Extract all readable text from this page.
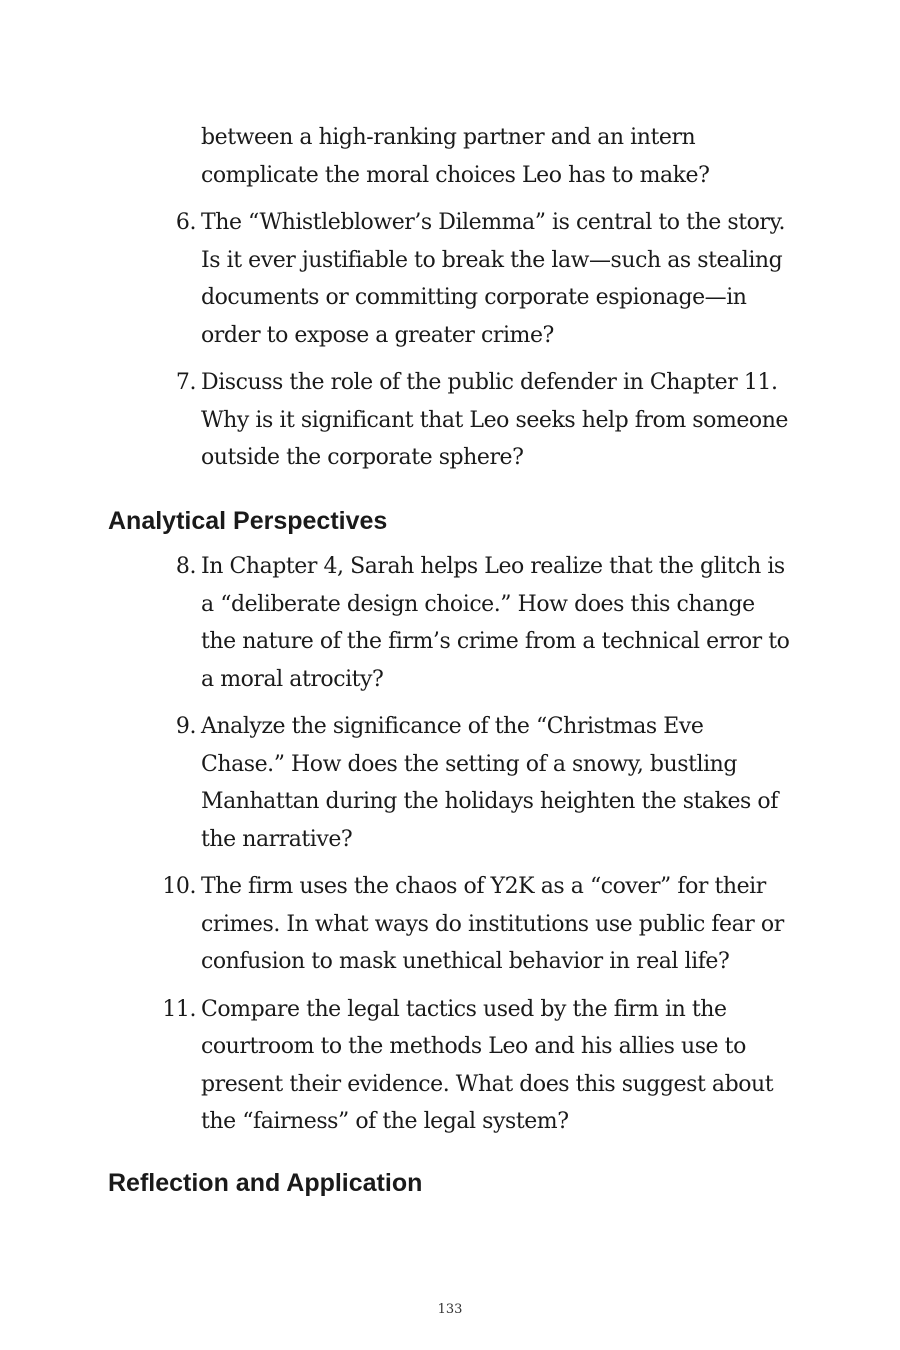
between a high-ranking partner and an intern complicate the moral choices Leo has to make?

6. The “Whistleblower’s Dilemma” is central to the story. Is it ever justifiable to break the law—such as stealing documents or committing corporate espionage—in order to expose a greater crime?
7. Discuss the role of the public defender in Chapter 11. Why is it significant that Leo seeks help from someone outside the corporate sphere?
Analytical Perspectives
8. In Chapter 4, Sarah helps Leo realize that the glitch is a “deliberate design choice.” How does this change the nature of the firm’s crime from a technical error to a moral atrocity?
9. Analyze the significance of the “Christmas Eve Chase.” How does the setting of a snowy, bustling Manhattan during the holidays heighten the stakes of the narrative?
10. The firm uses the chaos of Y2K as a “cover” for their crimes. In what ways do institutions use public fear or confusion to mask unethical behavior in real life?
11. Compare the legal tactics used by the firm in the courtroom to the methods Leo and his allies use to present their evidence. What does this suggest about the “fairness” of the legal system?
Reflection and Application
133
